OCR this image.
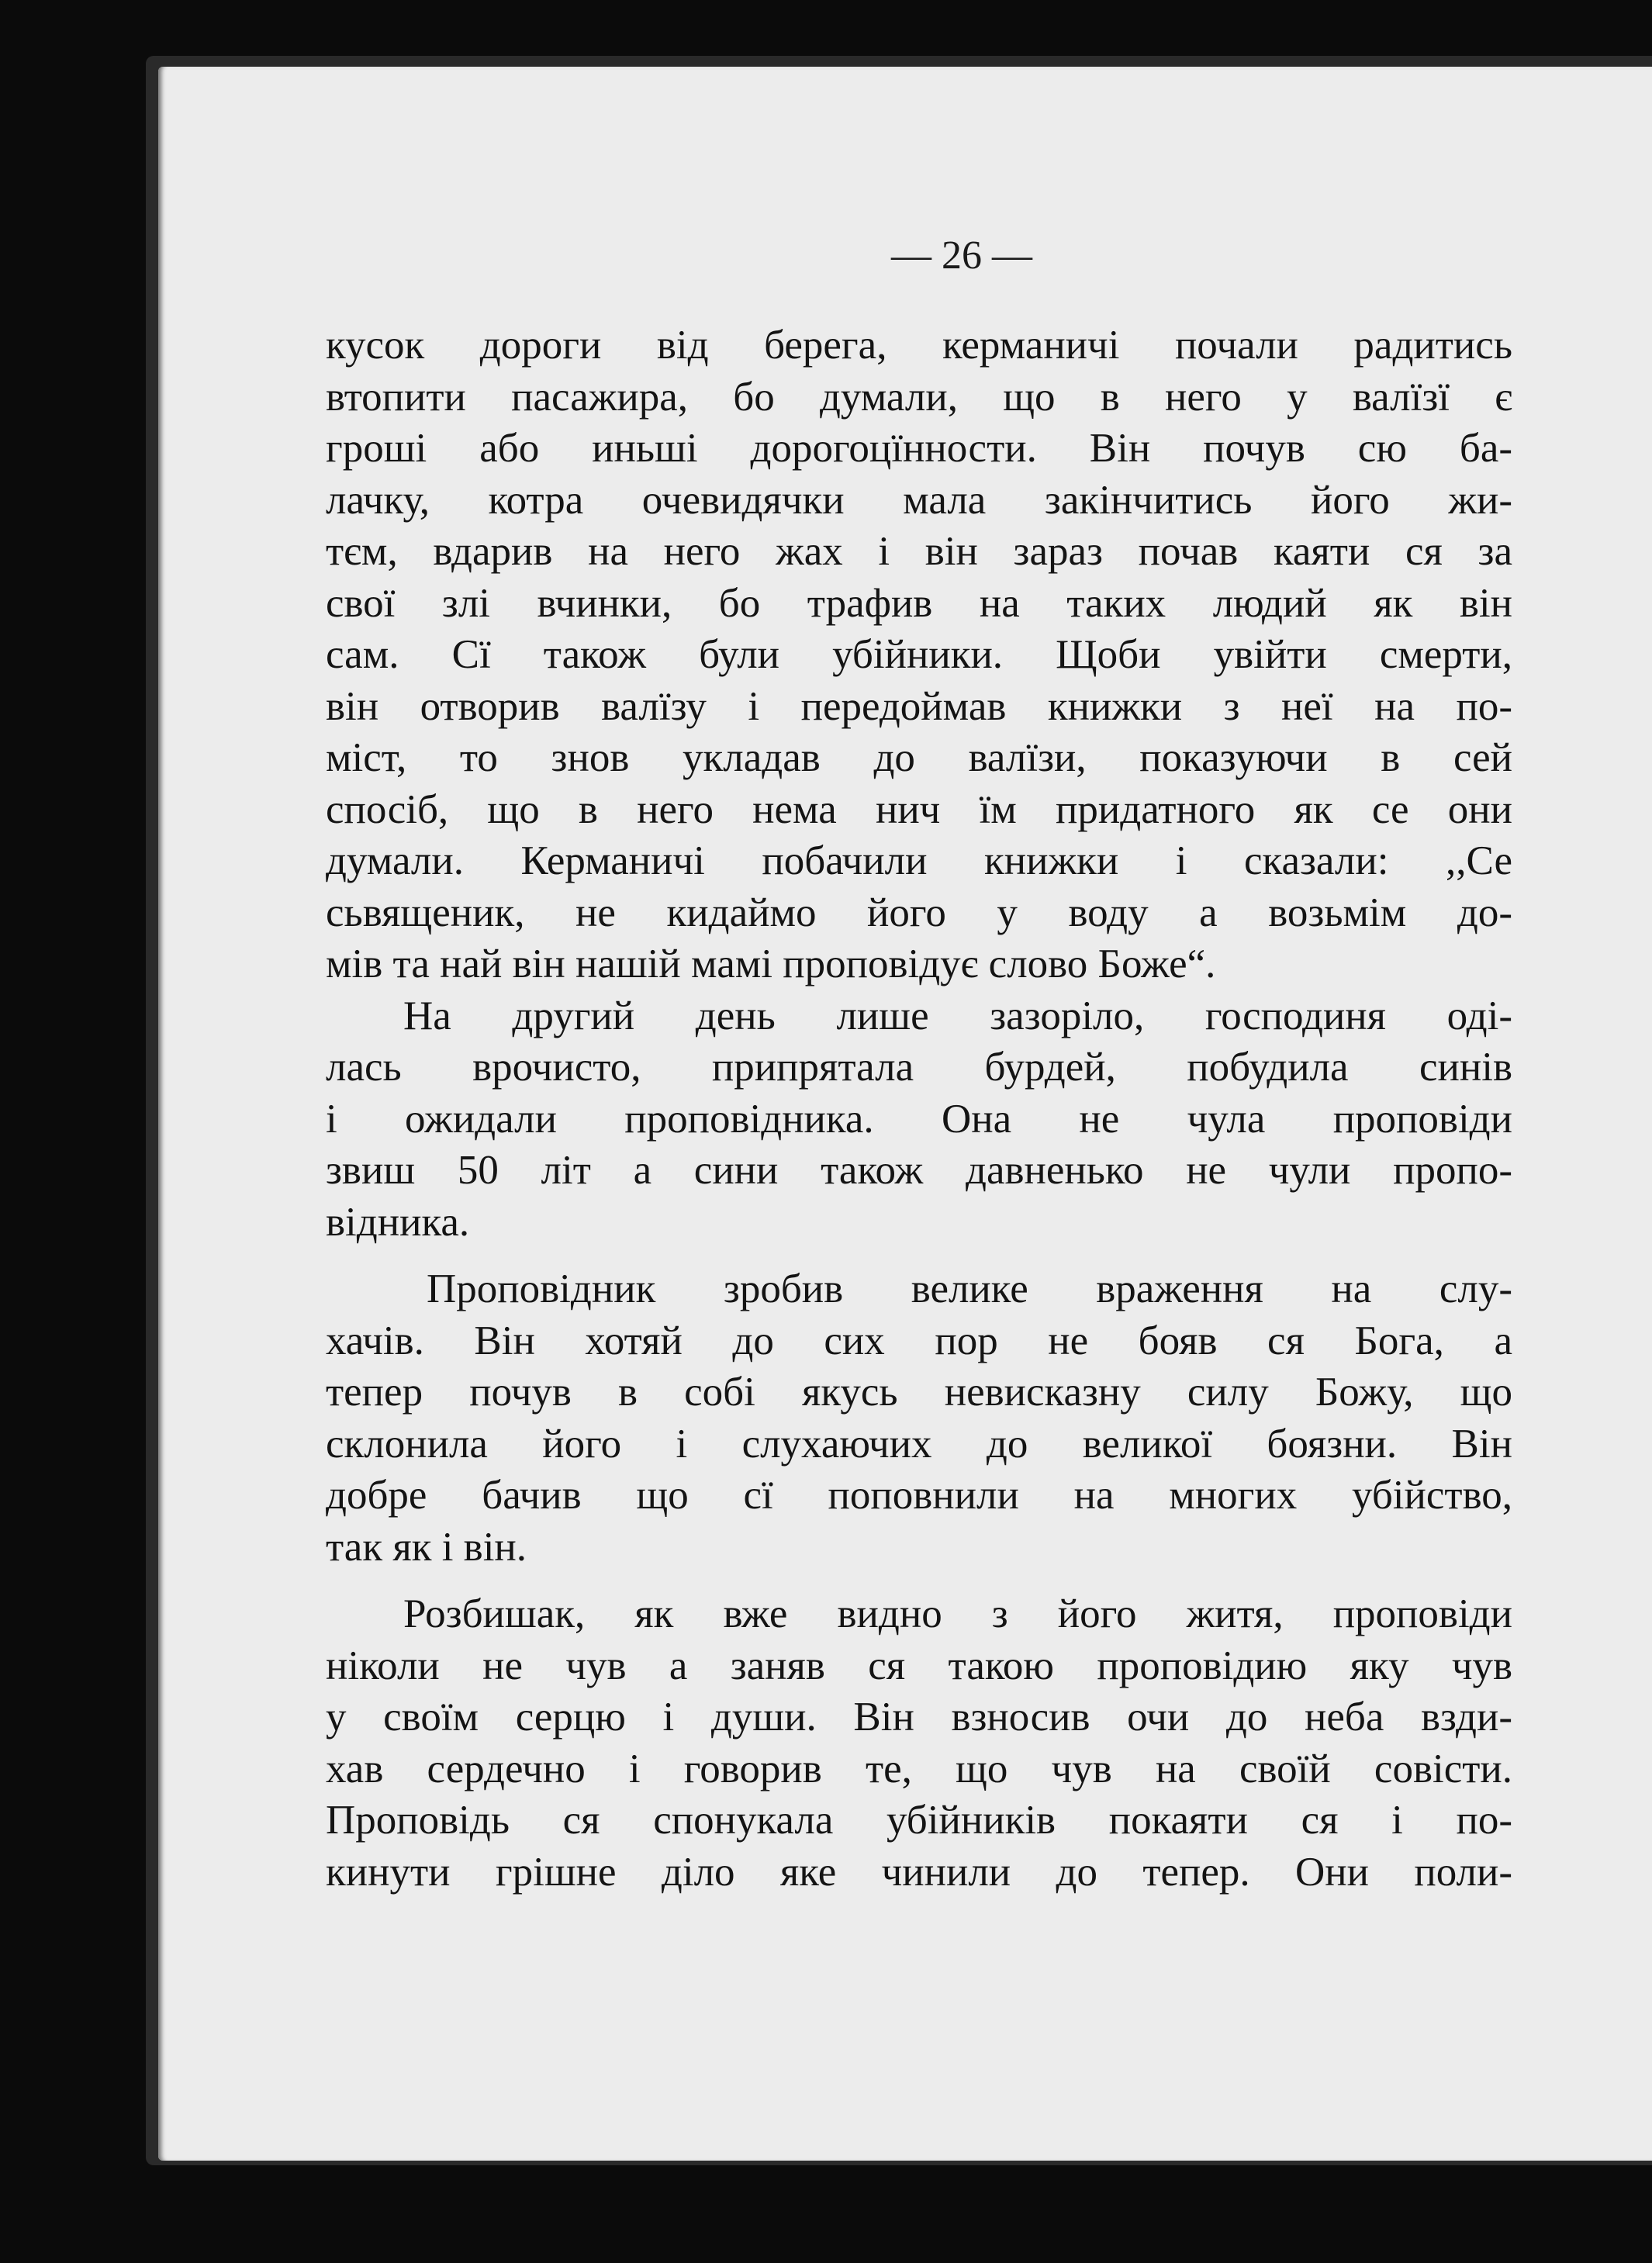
— 26 —
кусок дороги від берега, керманичі почали радитись
втопити пасажира, бо думали, що в него у валїзї є
гроші або иньші дорогоцїнности. Він почув сю ба-
лачку, котра очевидячки мала закінчитись його жи-
тєм, вдарив на него жах і він зараз почав каяти ся за
свої злі вчинки, бо трафив на таких людий як він
сам. Сї також були убійники. Щоби увійти смерти,
він отворив валїзу і передоймав книжки з неї на по-
міст, то знов укладав до валїзи, показуючи в сей
спосіб, що в него нема нич їм придатного як се они
думали. Керманичі побачили книжки і сказали: ,,Се
сьвященик, не кидаймо його у воду а возьмім до-
мів та най він нашій мамі проповідує слово Боже“.
На другий день лише зазоріло, господиня оді-
лась врочисто, припрятала бурдей, побудила синів
і ожидали проповідника. Она не чула проповіди
звиш 50 літ а сини також давненько не чули пропо-
відника.
Проповідник зробив велике враження на слу-
хачів. Він хотяй до сих пор не бояв ся Бога, а
тепер почув в собі якусь невисказну силу Божу, що
склонила його і слухаючих до великої боязни. Він
добре бачив що сї поповнили на многих убійство,
так як і він.
Розбишак, як вже видно з його житя, проповіди
ніколи не чув а заняв ся такою проповідию яку чув
у своїм серцю і души. Він взносив очи до неба взди-
хав сердечно і говорив те, що чув на своїй совісти.
Проповідь ся спонукала убійників покаяти ся і по-
кинути грішне діло яке чинили до тепер. Они поли-
